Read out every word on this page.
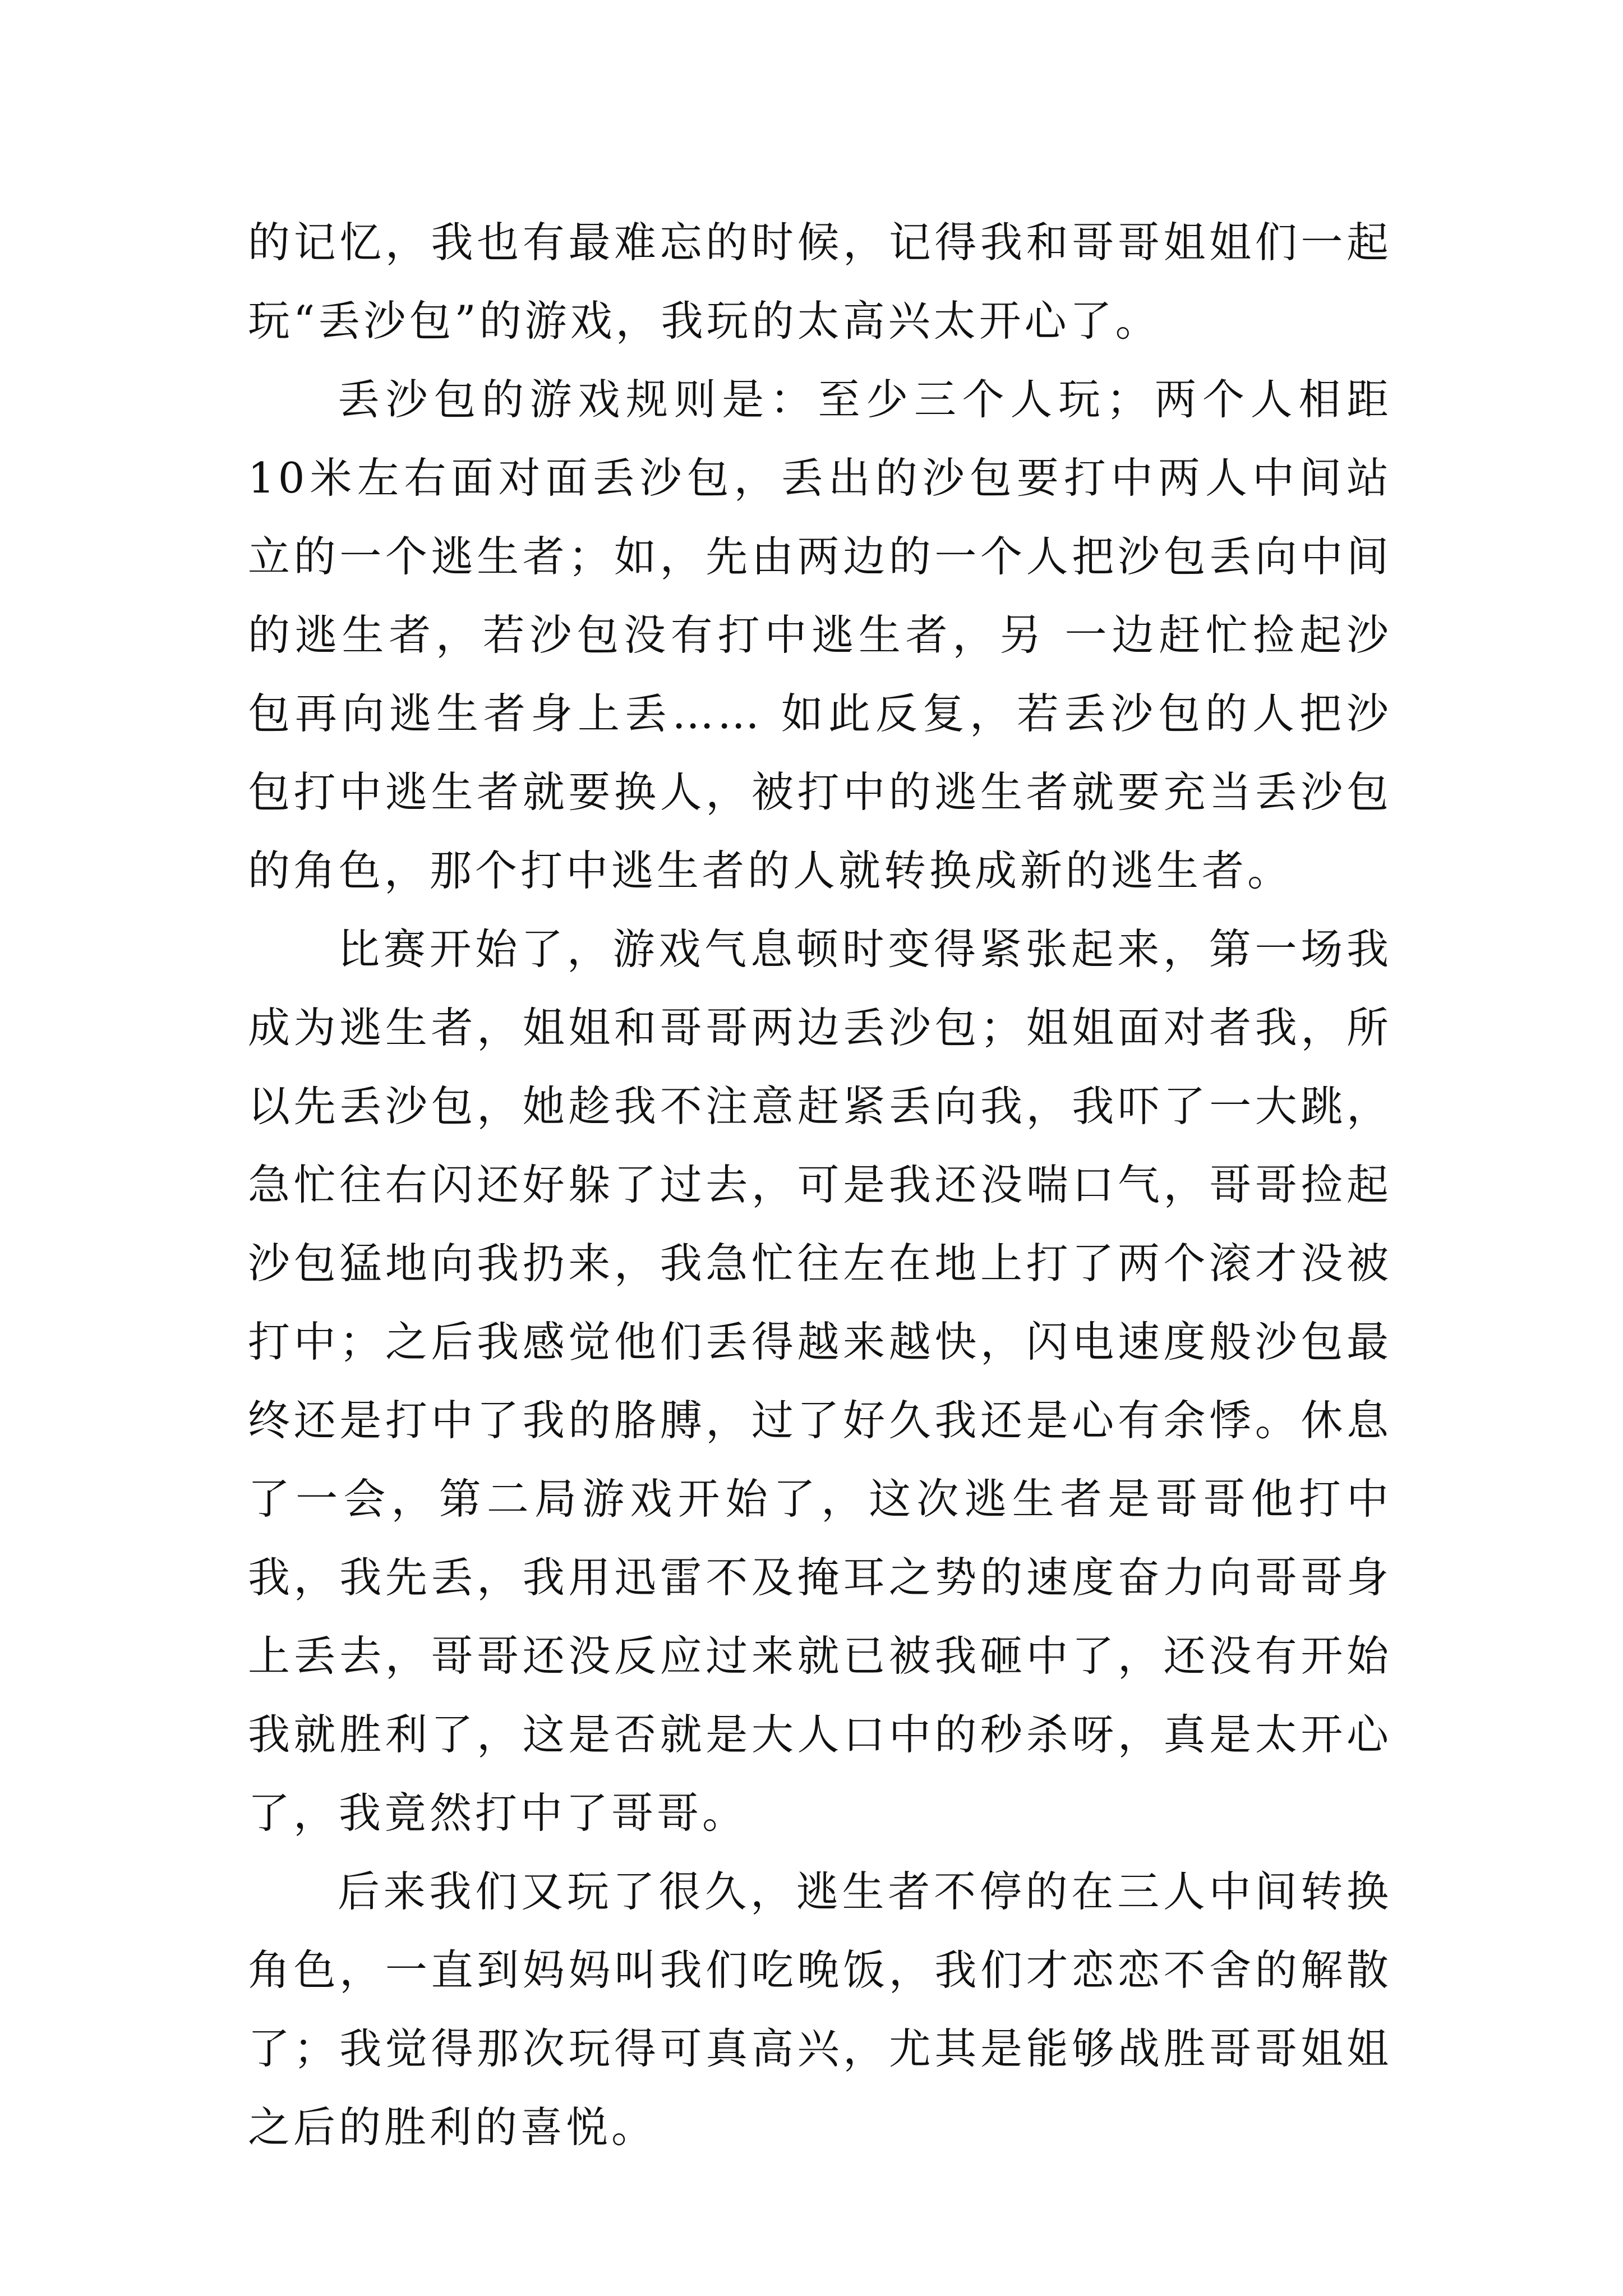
的记忆，我也有最难忘的时候，记得我和哥哥姐姐们一起玩“丢沙包”的游戏，我玩的太高兴太开心了。

丢沙包的游戏规则是：至少三个人玩；两个人相距10米左右面对面丢沙包，丢出的沙包要打中两人中间站立的一个逃生者；如，先由两边的一个人把沙包丢向中间的逃生者，若沙包没有打中逃生者，另 一边赶忙捡起沙包再向逃生者身上丢…… 如此反复，若丢沙包的人把沙包打中逃生者就要换人，被打中的逃生者就要充当丢沙包的角色，那个打中逃生者的人就转换成新的逃生者。

比赛开始了，游戏气息顿时变得紧张起来，第一场我成为逃生者，姐姐和哥哥两边丢沙包；姐姐面对者我，所以先丢沙包，她趁我不注意赶紧丢向我，我吓了一大跳，急忙往右闪还好躲了过去，可是我还没喘口气，哥哥捡起沙包猛地向我扔来，我急忙往左在地上打了两个滚才没被打中；之后我感觉他们丢得越来越快，闪电速度般沙包最终还是打中了我的胳膊，过了好久我还是心有余悸。休息了一会，第二局游戏开始了，这次逃生者是哥哥他打中我，我先丢，我用迅雷不及掩耳之势的速度奋力向哥哥身上丢去，哥哥还没反应过来就已被我砸中了，还没有开始我就胜利了，这是否就是大人口中的秒杀呀，真是太开心了，我竟然打中了哥哥。

后来我们又玩了很久，逃生者不停的在三人中间转换角色，一直到妈妈叫我们吃晚饭，我们才恋恋不舍的解散了；我觉得那次玩得可真高兴，尤其是能够战胜哥哥姐姐之后的胜利的喜悦。
